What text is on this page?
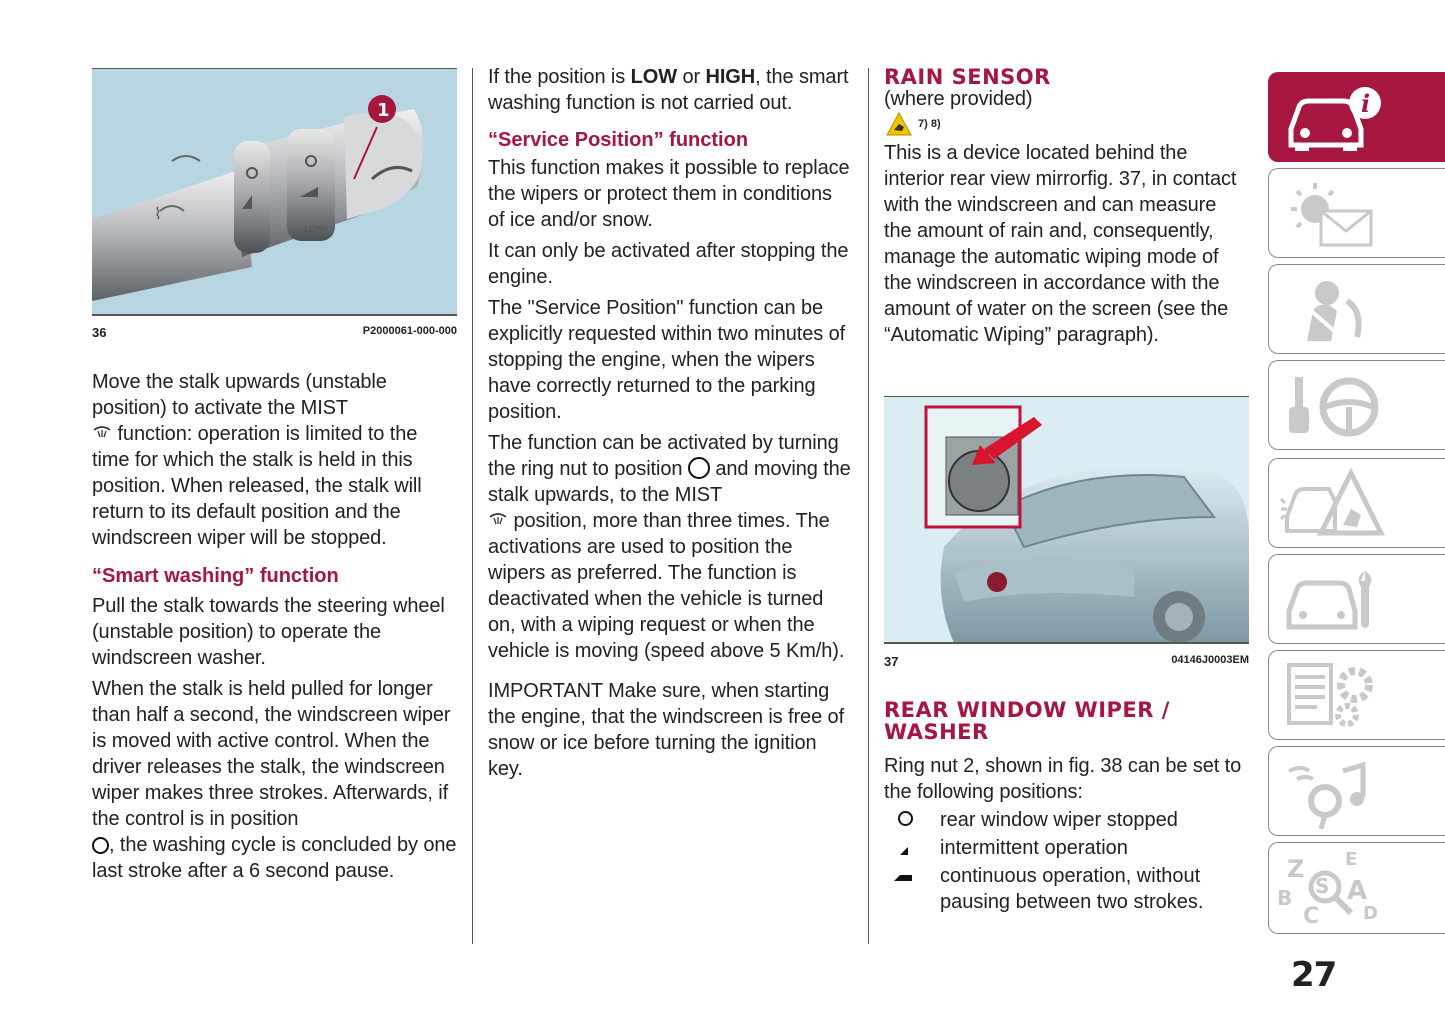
⌇
LOW
1
36	P2000061-000-000

Move the stalk upwards (unstable position) to activate the MIST
function: operation is limited to the time for which the stalk is held in this position. When released, the stalk will return to its default position and the windscreen wiper will be stopped.

“Smart washing” function

Pull the stalk towards the steering wheel (unstable position) to operate the windscreen washer.

When the stalk is held pulled for longer than half a second, the windscreen wiper is moved with active control. When the driver releases the stalk, the windscreen wiper makes three strokes. Afterwards, if the control is in position
, the washing cycle is concluded by one last stroke after a 6 second pause.

If the position is LOW or HIGH, the smart washing function is not carried out.

“Service Position” function

This function makes it possible to replace the wipers or protect them in conditions of ice and/or snow.

It can only be activated after stopping the engine.

The "Service Position" function can be explicitly requested within two minutes of stopping the engine, when the wipers have correctly returned to the parking position.

The function can be activated by turning the ring nut to position and moving the stalk upwards, to the MIST
position, more than three times. The activations are used to position the wipers as preferred. The function is deactivated when the vehicle is turned on, with a wiping request or when the vehicle is moving (speed above 5 Km/h).

IMPORTANT Make sure, when starting the engine, that the windscreen is free of snow or ice before turning the ignition key.

RAIN SENSOR

(where provided)

7) 8)

This is a device located behind the interior rear view mirrorfig. 37, in contact with the windscreen and can measure the amount of rain and, consequently, manage the automatic wiping mode of the windscreen in accordance with the amount of water on the screen (see the “Automatic Wiping” paragraph).

37	04146J0003EM

REAR WINDOW WIPER /

WASHER

Ring nut 2, shown in fig. 38 can be set to the following positions:

rear window wiper stopped
intermittent operation
continuous operation, without pausing between two strokes.
i
Z E
B
C
A
D
S
27
